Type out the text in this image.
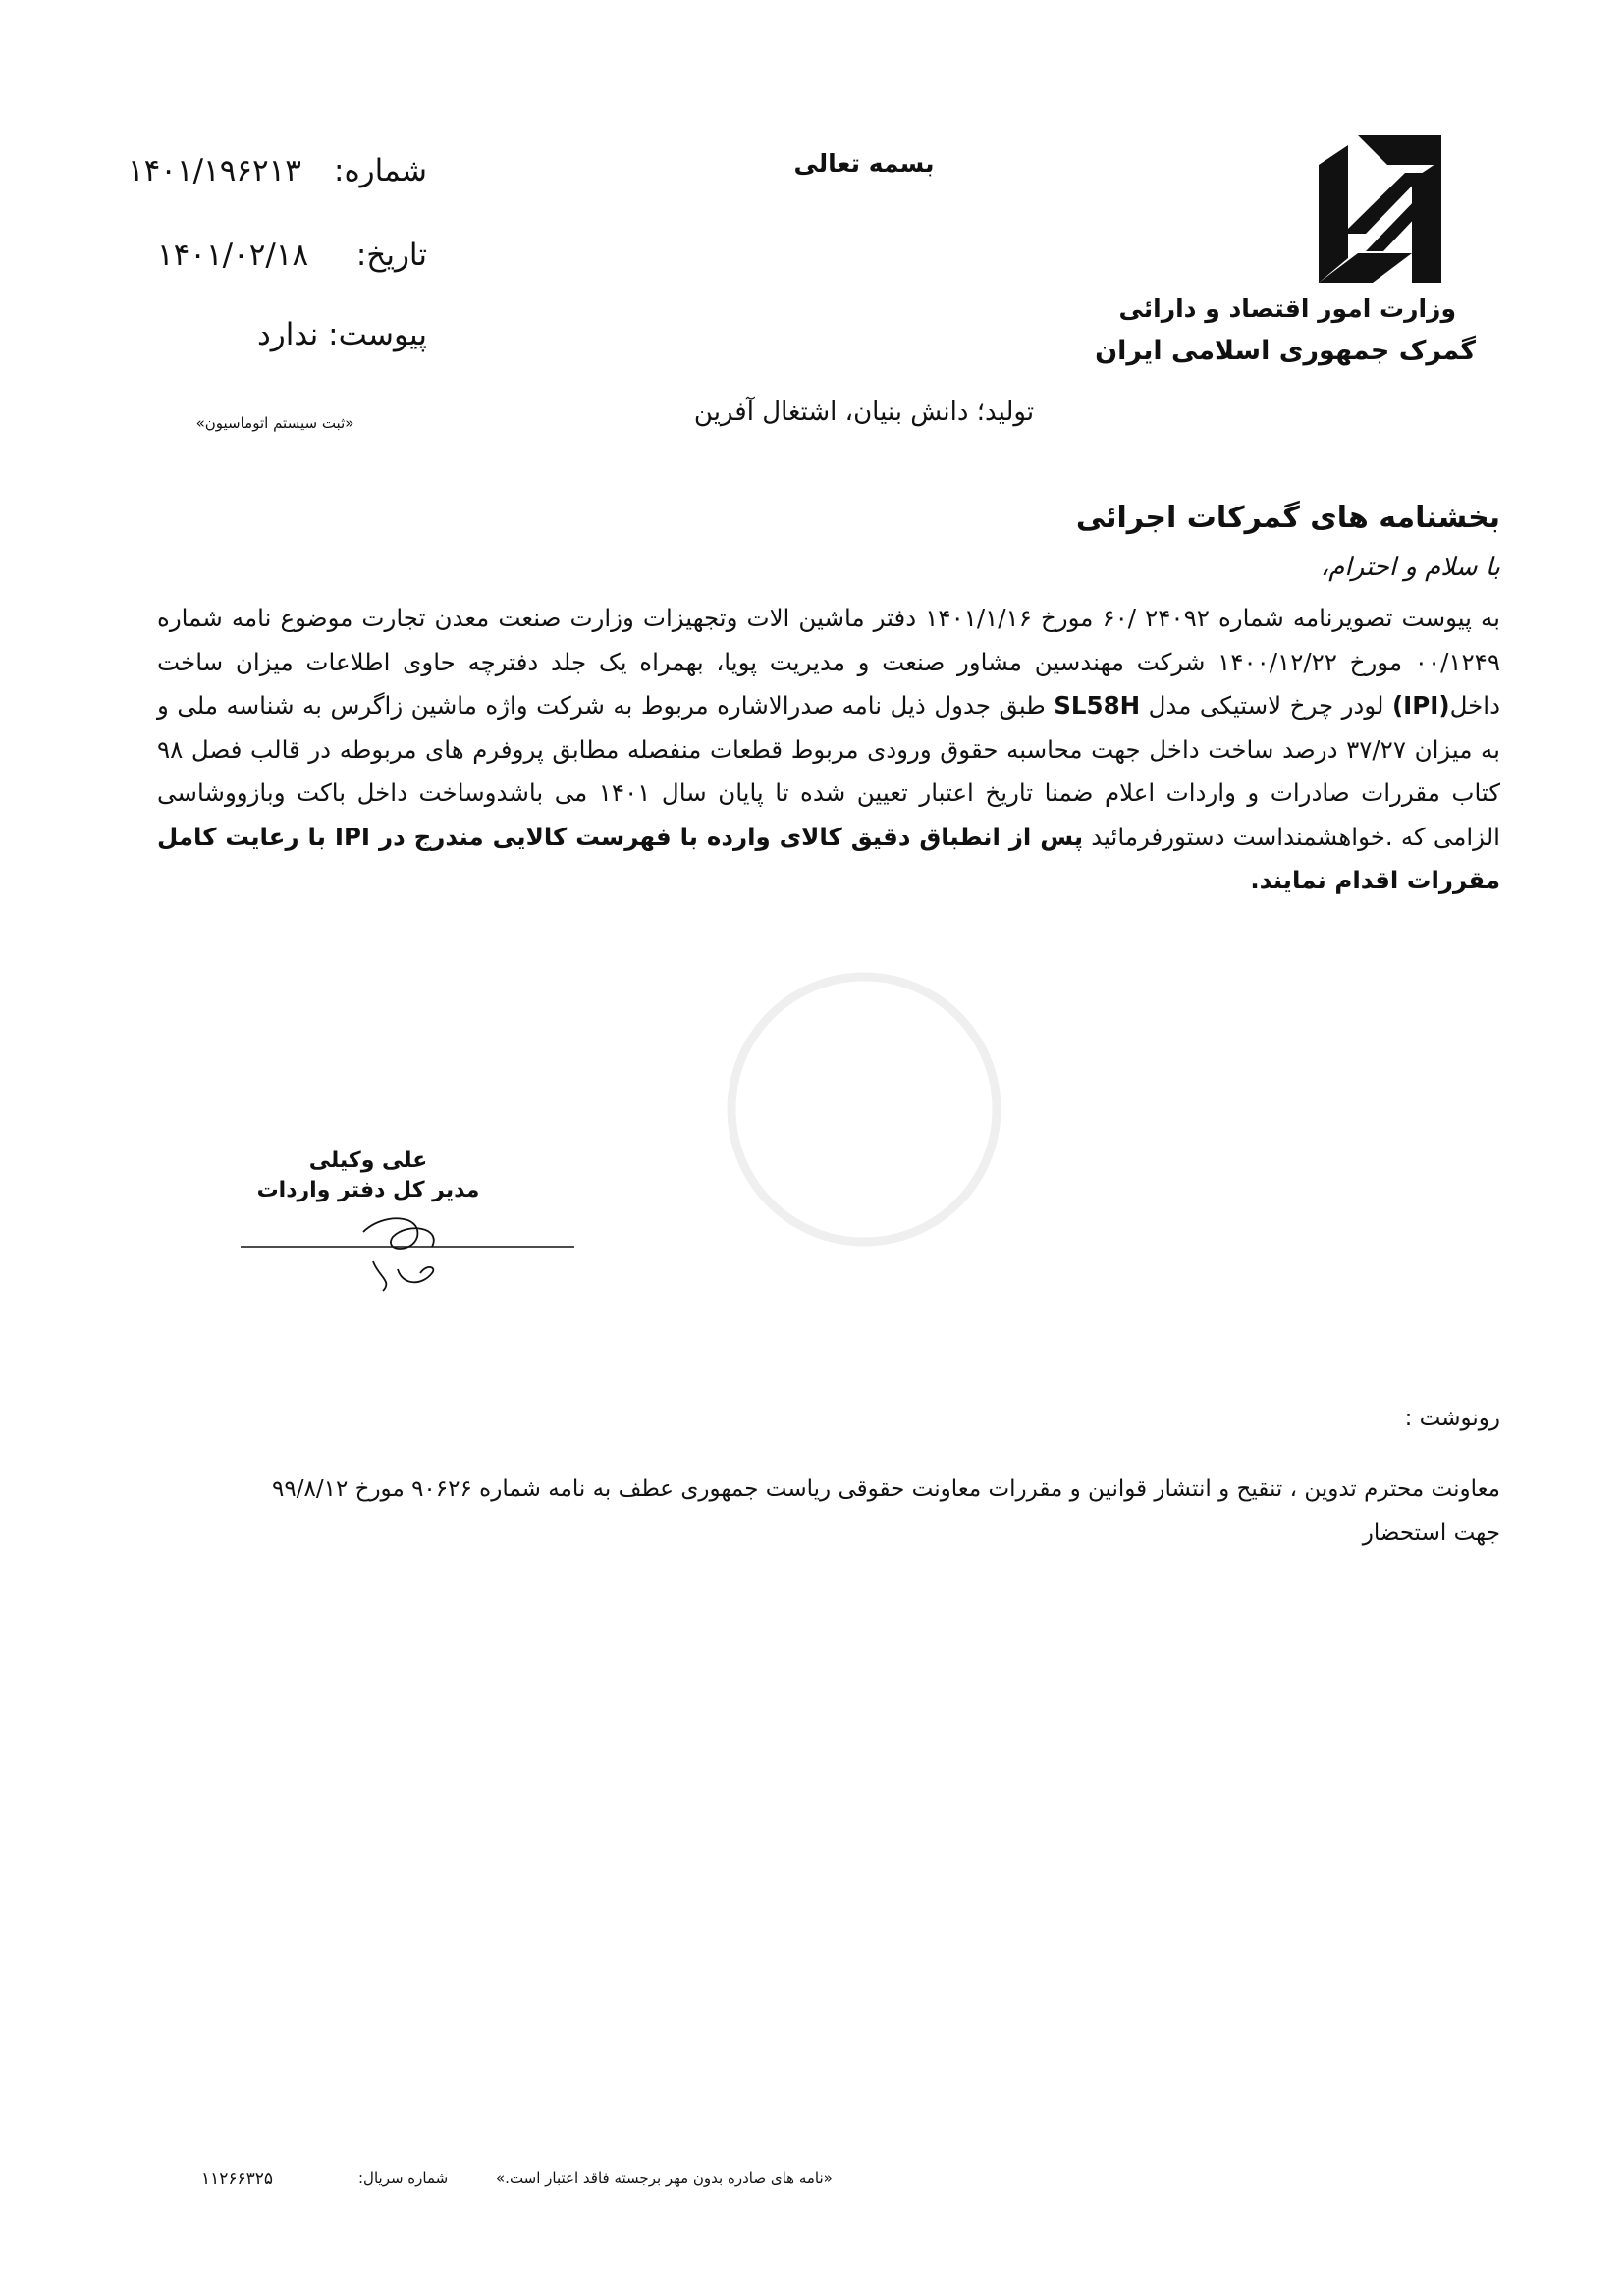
وزارت امور اقتصاد و دارائی
گمرک جمهوری اسلامی ایران
بسمه تعالی
شماره:
۱۴۰۱/۱۹۶۲۱۳
تاریخ:
۱۴۰۱/۰۲/۱۸
پیوست: ندارد
«ثبت سیستم اتوماسیون»	تولید؛ دانش بنیان، اشتغال آفرین
بخشنامه های گمرکات اجرائی
با سلام و احترام،

به پیوست تصویرنامه شماره ۲۴۰۹۲ /۶۰ مورخ ۱۴۰۱/۱/۱۶ دفتر ماشین الات وتجهیزات وزارت صنعت معدن تجارت موضوع نامه شماره ۰۰/۱۲۴۹ مورخ ۱۴۰۰/۱۲/۲۲ شرکت مهندسین مشاور صنعت و مدیریت پویا، بهمراه یک جلد دفترچه حاوی اطلاعات میزان ساخت داخل(IPI) لودر چرخ لاستیکی مدل SL58H طبق جدول ذیل نامه صدرالاشاره مربوط به شرکت واژه ماشین زاگرس به شناسه ملی و به میزان ۳۷/۲۷ درصد ساخت داخل جهت محاسبه حقوق ورودی مربوط قطعات منفصله مطابق پروفرم های مربوطه در قالب فصل ۹۸ کتاب مقررات صادرات و واردات اعلام ضمنا تاریخ اعتبار تعیین شده تا پایان سال ۱۴۰۱ می باشدوساخت داخل باکت وبازووشاسی الزامی که .خواهشمنداست دستورفرمائید پس از انطباق دقیق کالای وارده با فهرست کالایی مندرج در IPI با رعایت کامل مقررات اقدام نمایند.

علی وکیلی
مدیر کل دفتر واردات
رونوشت :

معاونت محترم تدوین ، تنقیح و انتشار قوانین و مقررات معاونت حقوقی ریاست جمهوری عطف به نامه شماره ۹۰۶۲۶ مورخ ۹۹/۸/۱۲

جهت استحضار

«نامه های صادره بدون مهر برجسته فاقد اعتبار است.»
شماره سریال:
۱۱۲۶۶۳۲۵
